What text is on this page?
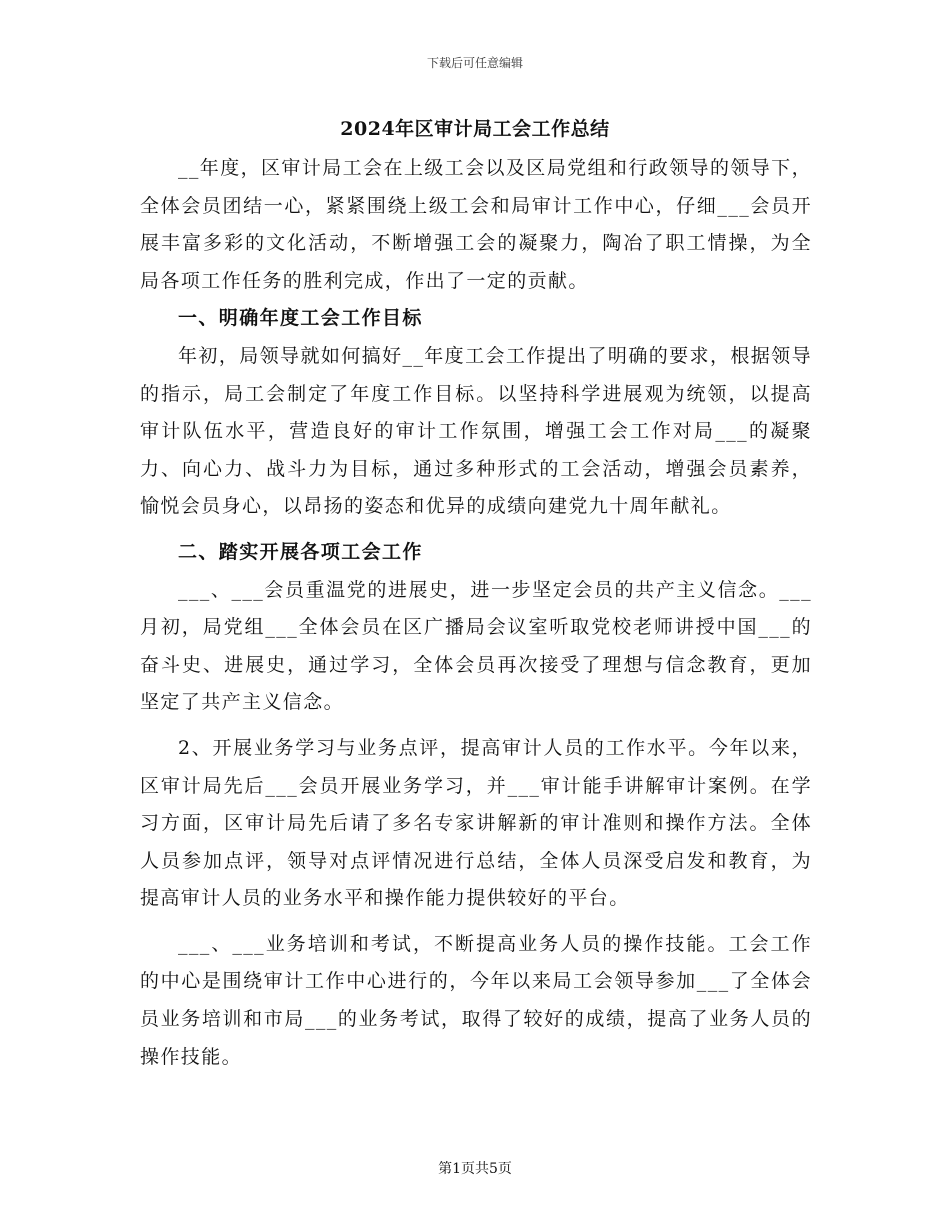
下载后可任意编辑
2024年区审计局工会工作总结

__年度，区审计局工会在上级工会以及区局党组和行政领导的领导下，全体会员团结一心，紧紧围绕上级工会和局审计工作中心，仔细___会员开展丰富多彩的文化活动，不断增强工会的凝聚力，陶冶了职工情操，为全局各项工作任务的胜利完成，作出了一定的贡献。

一、明确年度工会工作目标

年初，局领导就如何搞好__年度工会工作提出了明确的要求，根据领导的指示，局工会制定了年度工作目标。以坚持科学进展观为统领，以提高审计队伍水平，营造良好的审计工作氛围，增强工会工作对局___的凝聚力、向心力、战斗力为目标，通过多种形式的工会活动，增强会员素养，愉悦会员身心，以昂扬的姿态和优异的成绩向建党九十周年献礼。

二、踏实开展各项工会工作

___、___会员重温党的进展史，进一步坚定会员的共产主义信念。___月初，局党组___全体会员在区广播局会议室听取党校老师讲授中国___的奋斗史、进展史，通过学习，全体会员再次接受了理想与信念教育，更加坚定了共产主义信念。

2、开展业务学习与业务点评，提高审计人员的工作水平。今年以来，区审计局先后___会员开展业务学习，并___审计能手讲解审计案例。在学习方面，区审计局先后请了多名专家讲解新的审计准则和操作方法。全体人员参加点评，领导对点评情况进行总结，全体人员深受启发和教育，为提高审计人员的业务水平和操作能力提供较好的平台。

___、___业务培训和考试，不断提高业务人员的操作技能。工会工作的中心是围绕审计工作中心进行的，今年以来局工会领导参加___了全体会员业务培训和市局___的业务考试，取得了较好的成绩，提高了业务人员的操作技能。

第1页共5页
